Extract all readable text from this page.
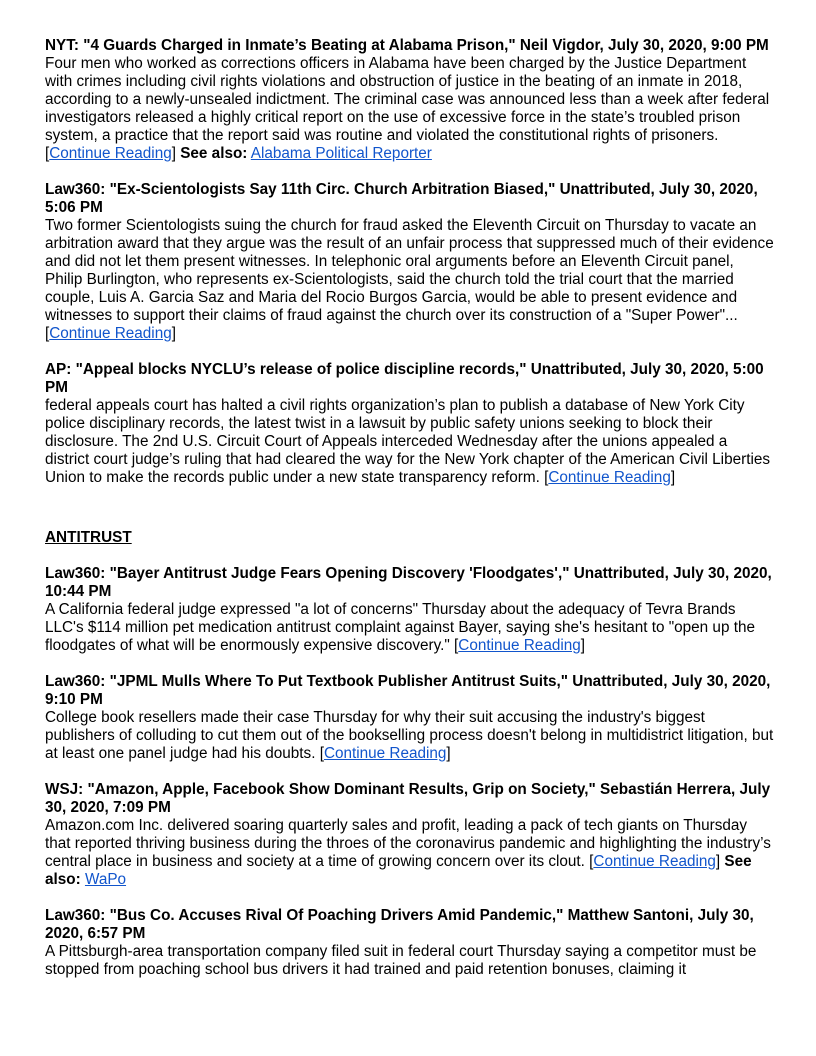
NYT: "4 Guards Charged in Inmate’s Beating at Alabama Prison," Neil Vigdor, July 30, 2020, 9:00 PM
Four men who worked as corrections officers in Alabama have been charged by the Justice Department with crimes including civil rights violations and obstruction of justice in the beating of an inmate in 2018, according to a newly-unsealed indictment. The criminal case was announced less than a week after federal investigators released a highly critical report on the use of excessive force in the state’s troubled prison system, a practice that the report said was routine and violated the constitutional rights of prisoners. [Continue Reading] See also: Alabama Political Reporter
Law360: "Ex-Scientologists Say 11th Circ. Church Arbitration Biased," Unattributed, July 30, 2020, 5:06 PM
Two former Scientologists suing the church for fraud asked the Eleventh Circuit on Thursday to vacate an arbitration award that they argue was the result of an unfair process that suppressed much of their evidence and did not let them present witnesses. In telephonic oral arguments before an Eleventh Circuit panel, Philip Burlington, who represents ex-Scientologists, said the church told the trial court that the married couple, Luis A. Garcia Saz and Maria del Rocio Burgos Garcia, would be able to present evidence and witnesses to support their claims of fraud against the church over its construction of a "Super Power"... [Continue Reading]
AP: "Appeal blocks NYCLU’s release of police discipline records," Unattributed, July 30, 2020, 5:00 PM
federal appeals court has halted a civil rights organization’s plan to publish a database of New York City police disciplinary records, the latest twist in a lawsuit by public safety unions seeking to block their disclosure. The 2nd U.S. Circuit Court of Appeals interceded Wednesday after the unions appealed a district court judge’s ruling that had cleared the way for the New York chapter of the American Civil Liberties Union to make the records public under a new state transparency reform. [Continue Reading]
ANTITRUST
Law360: "Bayer Antitrust Judge Fears Opening Discovery 'Floodgates'," Unattributed, July 30, 2020, 10:44 PM
A California federal judge expressed "a lot of concerns" Thursday about the adequacy of Tevra Brands LLC's $114 million pet medication antitrust complaint against Bayer, saying she's hesitant to "open up the floodgates of what will be enormously expensive discovery." [Continue Reading]
Law360: "JPML Mulls Where To Put Textbook Publisher Antitrust Suits," Unattributed, July 30, 2020, 9:10 PM
College book resellers made their case Thursday for why their suit accusing the industry's biggest publishers of colluding to cut them out of the bookselling process doesn't belong in multidistrict litigation, but at least one panel judge had his doubts. [Continue Reading]
WSJ: "Amazon, Apple, Facebook Show Dominant Results, Grip on Society," Sebastián Herrera, July 30, 2020, 7:09 PM
Amazon.com Inc. delivered soaring quarterly sales and profit, leading a pack of tech giants on Thursday that reported thriving business during the throes of the coronavirus pandemic and highlighting the industry’s central place in business and society at a time of growing concern over its clout. [Continue Reading] See also: WaPo
Law360: "Bus Co. Accuses Rival Of Poaching Drivers Amid Pandemic," Matthew Santoni, July 30, 2020, 6:57 PM
A Pittsburgh-area transportation company filed suit in federal court Thursday saying a competitor must be stopped from poaching school bus drivers it had trained and paid retention bonuses, claiming it
